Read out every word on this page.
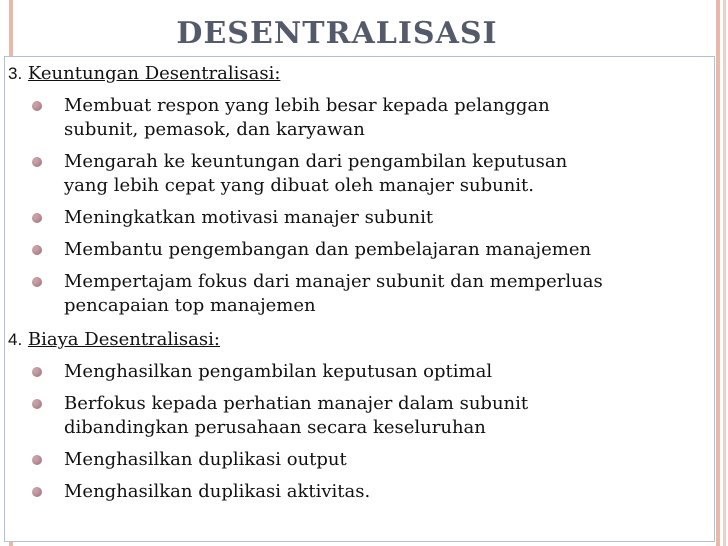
DESENTRALISASI
3. Keuntungan Desentralisasi:
Membuat respon yang lebih besar kepada pelanggan
subunit, pemasok, dan karyawan
Mengarah ke keuntungan dari pengambilan keputusan
yang lebih cepat yang dibuat oleh manajer subunit.
Meningkatkan motivasi manajer subunit
Membantu pengembangan dan pembelajaran manajemen
Mempertajam fokus dari manajer subunit dan memperluas
pencapaian top manajemen
4. Biaya Desentralisasi:
Menghasilkan pengambilan keputusan optimal
Berfokus kepada perhatian manajer dalam subunit
dibandingkan perusahaan secara keseluruhan
Menghasilkan duplikasi output
Menghasilkan duplikasi aktivitas.
